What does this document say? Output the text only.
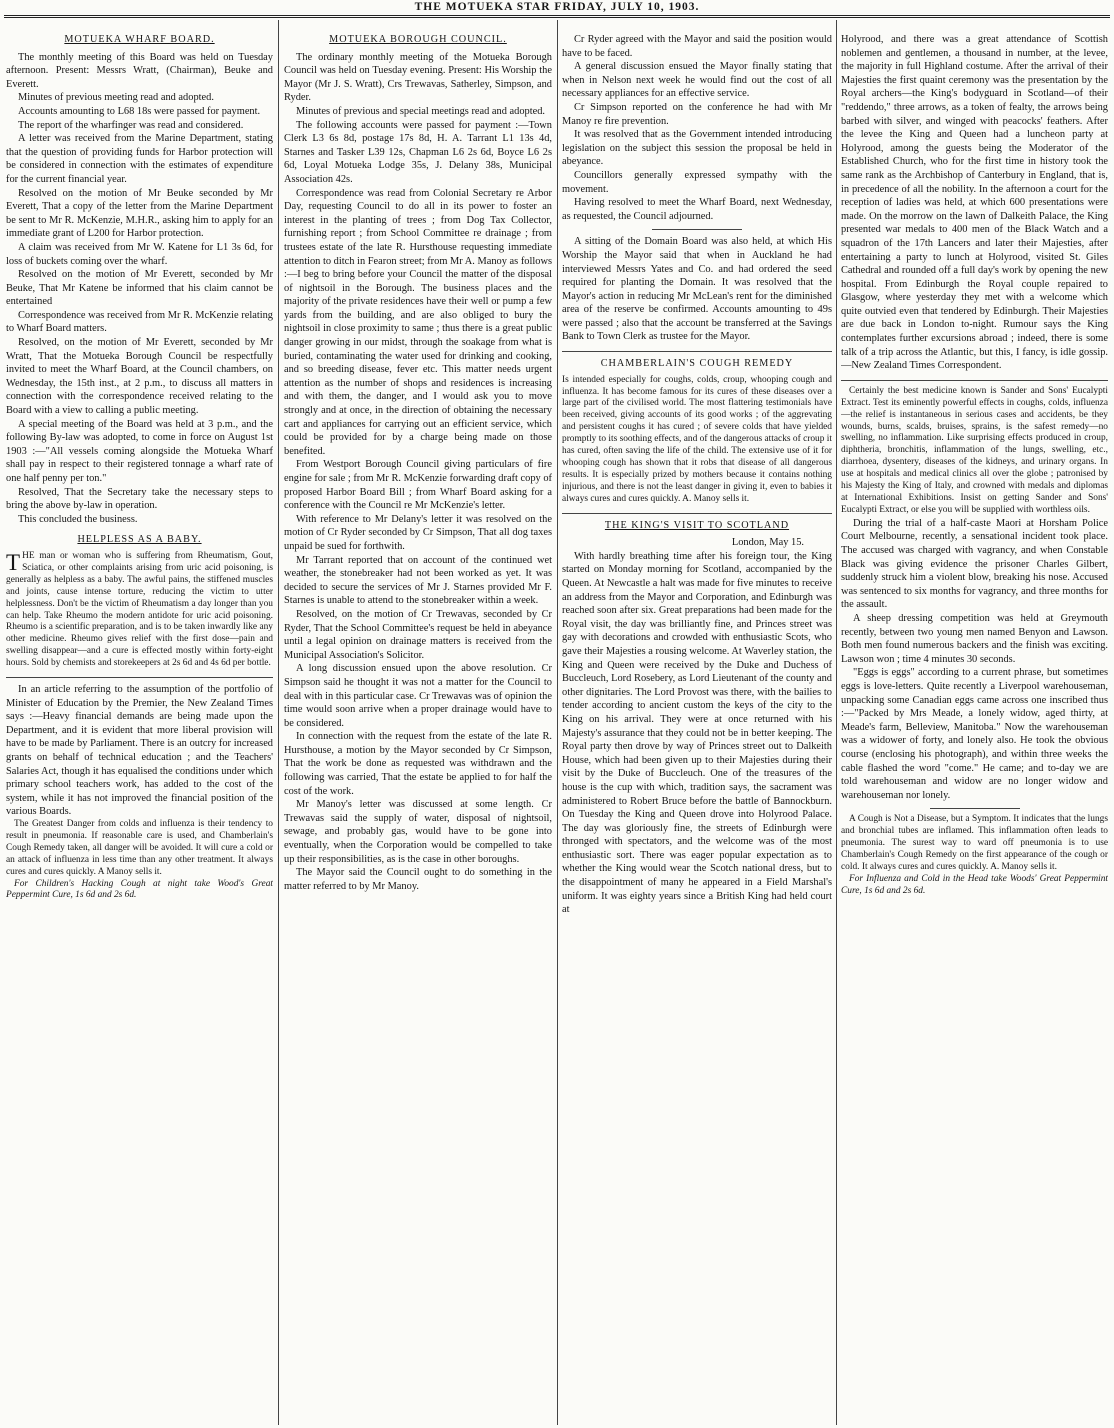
THE MOTUEKA STAR FRIDAY, JULY 10, 1903.
MOTUEKA WHARF BOARD.

The monthly meeting of this Board was held on Tuesday afternoon. Present: Messrs Wratt, (Chairman), Beuke and Everett.

Minutes of previous meeting read and adopted.

Accounts amounting to L68 18s were passed for payment.

The report of the wharfinger was read and considered.

A letter was received from the Marine Department, stating that the question of providing funds for Harbor protection will be considered in connection with the estimates of expenditure for the current financial year.

Resolved on the motion of Mr Beuke seconded by Mr Everett, That a copy of the letter from the Marine Department be sent to Mr R. McKenzie, M.H.R., asking him to apply for an immediate grant of L200 for Harbor protection.

A claim was received from Mr W. Katene for L1 3s 6d, for loss of buckets coming over the wharf.

Resolved on the motion of Mr Everett, seconded by Mr Beuke, That Mr Katene be informed that his claim cannot be entertained

Correspondence was received from Mr R. McKenzie relating to Wharf Board matters.

Resolved, on the motion of Mr Everett, seconded by Mr Wratt, That the Motueka Borough Council be respectfully invited to meet the Wharf Board, at the Council chambers, on Wednesday, the 15th inst., at 2 p.m., to discuss all matters in connection with the correspondence received relating to the Board with a view to calling a public meeting.

A special meeting of the Board was held at 3 p.m., and the following By-law was adopted, to come in force on August 1st 1903 :—"All vessels coming alongside the Motueka Wharf shall pay in respect to their registered tonnage a wharf rate of one half penny per ton."

Resolved, That the Secretary take the necessary steps to bring the above by-law in operation.

This concluded the business.

HELPLESS AS A BABY.

THE man or woman who is suffering from Rheumatism, Gout, Sciatica, or other complaints arising from uric acid poisoning, is generally as helpless as a baby. The awful pains, the stiffened muscles and joints, cause intense torture, reducing the victim to utter helplessness. Don't be the victim of Rheumatism a day longer than you can help. Take Rheumo the modern antidote for uric acid poisoning. Rheumo is a scientific preparation, and is to be taken inwardly like any other medicine. Rheumo gives relief with the first dose—pain and swelling disappear—and a cure is effected mostly within forty-eight hours. Sold by chemists and storekeepers at 2s 6d and 4s 6d per bottle.

In an article referring to the assumption of the portfolio of Minister of Education by the Premier, the New Zealand Times says :—Heavy financial demands are being made upon the Department, and it is evident that more liberal provision will have to be made by Parliament. There is an outcry for increased grants on behalf of technical education ; and the Teachers' Salaries Act, though it has equalised the conditions under which primary school teachers work, has added to the cost of the system, while it has not improved the financial position of the various Boards.

The Greatest Danger from colds and influenza is their tendency to result in pneumonia. If reasonable care is used, and Chamberlain's Cough Remedy taken, all danger will be avoided. It will cure a cold or an attack of influenza in less time than any other treatment. It always cures and cures quickly. A Manoy sells it.

For Children's Hacking Cough at night take Wood's Great Peppermint Cure, 1s 6d and 2s 6d.

MOTUEKA BOROUGH COUNCIL.

The ordinary monthly meeting of the Motueka Borough Council was held on Tuesday evening. Present: His Worship the Mayor (Mr J. S. Wratt), Crs Trewavas, Satherley, Simpson, and Ryder.

Minutes of previous and special meetings read and adopted.

The following accounts were passed for payment :—Town Clerk L3 6s 8d, postage 17s 8d, H. A. Tarrant L1 13s 4d, Starnes and Tasker L39 12s, Chapman L6 2s 6d, Boyce L6 2s 6d, Loyal Motueka Lodge 35s, J. Delany 38s, Municipal Association 42s.

Correspondence was read from Colonial Secretary re Arbor Day, requesting Council to do all in its power to foster an interest in the planting of trees ; from Dog Tax Collector, furnishing report ; from School Committee re drainage ; from trustees estate of the late R. Hursthouse requesting immediate attention to ditch in Fearon street; from Mr A. Manoy as follows :—I beg to bring before your Council the matter of the disposal of nightsoil in the Borough. The business places and the majority of the private residences have their well or pump a few yards from the building, and are also obliged to bury the nightsoil in close proximity to same ; thus there is a great public danger growing in our midst, through the soakage from what is buried, contaminating the water used for drinking and cooking, and so breeding disease, fever etc. This matter needs urgent attention as the number of shops and residences is increasing and with them, the danger, and I would ask you to move strongly and at once, in the direction of obtaining the necessary cart and appliances for carrying out an efficient service, which could be provided for by a charge being made on those benefited.

From Westport Borough Council giving particulars of fire engine for sale ; from Mr R. McKenzie forwarding draft copy of proposed Harbor Board Bill ; from Wharf Board asking for a conference with the Council re Mr McKenzie's letter.

With reference to Mr Delany's letter it was resolved on the motion of Cr Ryder seconded by Cr Simpson, That all dog taxes unpaid be sued for forthwith.

Mr Tarrant reported that on account of the continued wet weather, the stonebreaker had not been worked as yet. It was decided to secure the services of Mr J. Starnes provided Mr F. Starnes is unable to attend to the stonebreaker within a week.

Resolved, on the motion of Cr Trewavas, seconded by Cr Ryder, That the School Committee's request be held in abeyance until a legal opinion on drainage matters is received from the Municipal Association's Solicitor.

A long discussion ensued upon the above resolution. Cr Simpson said he thought it was not a matter for the Council to deal with in this particular case. Cr Trewavas was of opinion the time would soon arrive when a proper drainage would have to be considered.

In connection with the request from the estate of the late R. Hursthouse, a motion by the Mayor seconded by Cr Simpson, That the work be done as requested was withdrawn and the following was carried, That the estate be applied to for half the cost of the work.

Mr Manoy's letter was discussed at some length. Cr Trewavas said the supply of water, disposal of nightsoil, sewage, and probably gas, would have to be gone into eventually, when the Corporation would be compelled to take up their responsibilities, as is the case in other boroughs.

The Mayor said the Council ought to do something in the matter referred to by Mr Manoy.

Cr Ryder agreed with the Mayor and said the position would have to be faced.

A general discussion ensued the Mayor finally stating that when in Nelson next week he would find out the cost of all necessary appliances for an effective service.

Cr Simpson reported on the conference he had with Mr Manoy re fire prevention.

It was resolved that as the Government intended introducing legislation on the subject this session the proposal be held in abeyance.

Councillors generally expressed sympathy with the movement.

Having resolved to meet the Wharf Board, next Wednesday, as requested, the Council adjourned.

A sitting of the Domain Board was also held, at which His Worship the Mayor said that when in Auckland he had interviewed Messrs Yates and Co. and had ordered the seed required for planting the Domain. It was resolved that the Mayor's action in reducing Mr McLean's rent for the diminished area of the reserve be confirmed. Accounts amounting to 49s were passed ; also that the account be transferred at the Savings Bank to Town Clerk as trustee for the Mayor.

CHAMBERLAIN'S COUGH REMEDY

Is intended especially for coughs, colds, croup, whooping cough and influenza. It has become famous for its cures of these diseases over a large part of the civilised world. The most flattering testimonials have been received, giving accounts of its good works ; of the aggrevating and persistent coughs it has cured ; of severe colds that have yielded promptly to its soothing effects, and of the dangerous attacks of croup it has cured, often saving the life of the child. The extensive use of it for whooping cough has shown that it robs that disease of all dangerous results. It is especially prized by mothers because it contains nothing injurious, and there is not the least danger in giving it, even to babies it always cures and cures quickly. A. Manoy sells it.

THE KING'S VISIT TO SCOTLAND

London, May 15.

With hardly breathing time after his foreign tour, the King started on Monday morning for Scotland, accompanied by the Queen. At Newcastle a halt was made for five minutes to receive an address from the Mayor and Corporation, and Edinburgh was reached soon after six. Great preparations had been made for the Royal visit, the day was brilliantly fine, and Princes street was gay with decorations and crowded with enthusiastic Scots, who gave their Majesties a rousing welcome. At Waverley station, the King and Queen were received by the Duke and Duchess of Buccleuch, Lord Rosebery, as Lord Lieutenant of the county and other dignitaries. The Lord Provost was there, with the bailies to tender according to ancient custom the keys of the city to the King on his arrival. They were at once returned with his Majesty's assurance that they could not be in better keeping. The Royal party then drove by way of Princes street out to Dalkeith House, which had been given up to their Majesties during their visit by the Duke of Buccleuch. One of the treasures of the house is the cup with which, tradition says, the sacrament was administered to Robert Bruce before the battle of Bannockburn. On Tuesday the King and Queen drove into Holyrood Palace. The day was gloriously fine, the streets of Edinburgh were thronged with spectators, and the welcome was of the most enthusiastic sort. There was eager popular expectation as to whether the King would wear the Scotch national dress, but to the disappointment of many he appeared in a Field Marshal's uniform. It was eighty years since a British King had held court at

Holyrood, and there was a great attendance of Scottish noblemen and gentlemen, a thousand in number, at the levee, the majority in full Highland costume. After the arrival of their Majesties the first quaint ceremony was the presentation by the Royal archers—the King's bodyguard in Scotland—of their "reddendo," three arrows, as a token of fealty, the arrows being barbed with silver, and winged with peacocks' feathers. After the levee the King and Queen had a luncheon party at Holyrood, among the guests being the Moderator of the Established Church, who for the first time in history took the same rank as the Archbishop of Canterbury in England, that is, in precedence of all the nobility. In the afternoon a court for the reception of ladies was held, at which 600 presentations were made. On the morrow on the lawn of Dalkeith Palace, the King presented war medals to 400 men of the Black Watch and a squadron of the 17th Lancers and later their Majesties, after entertaining a party to lunch at Holyrood, visited St. Giles Cathedral and rounded off a full day's work by opening the new hospital. From Edinburgh the Royal couple repaired to Glasgow, where yesterday they met with a welcome which quite outvied even that tendered by Edinburgh. Their Majesties are due back in London to-night. Rumour says the King contemplates further excursions abroad ; indeed, there is some talk of a trip across the Atlantic, but this, I fancy, is idle gossip.—New Zealand Times Correspondent.

Certainly the best medicine known is Sander and Sons' Eucalypti Extract. Test its eminently powerful effects in coughs, colds, influenza—the relief is instantaneous in serious cases and accidents, be they wounds, burns, scalds, bruises, sprains, is the safest remedy—no swelling, no inflammation. Like surprising effects produced in croup, diphtheria, bronchitis, inflammation of the lungs, swelling, etc., diarrhoea, dysentery, diseases of the kidneys, and urinary organs. In use at hospitals and medical clinics all over the globe ; patronised by his Majesty the King of Italy, and crowned with medals and diplomas at International Exhibitions. Insist on getting Sander and Sons' Eucalypti Extract, or else you will be supplied with worthless oils.

During the trial of a half-caste Maori at Horsham Police Court Melbourne, recently, a sensational incident took place. The accused was charged with vagrancy, and when Constable Black was giving evidence the prisoner Charles Gilbert, suddenly struck him a violent blow, breaking his nose. Accused was sentenced to six months for vagrancy, and three months for the assault.

A sheep dressing competition was held at Greymouth recently, between two young men named Benyon and Lawson. Both men found numerous backers and the finish was exciting. Lawson won ; time 4 minutes 30 seconds.

"Eggs is eggs" according to a current phrase, but sometimes eggs is love-letters. Quite recently a Liverpool warehouseman, unpacking some Canadian eggs came across one inscribed thus :—"Packed by Mrs Meade, a lonely widow, aged thirty, at Meade's farm, Belleview, Manitoba." Now the warehouseman was a widower of forty, and lonely also. He took the obvious course (enclosing his photograph), and within three weeks the cable flashed the word "come." He came; and to-day we are told warehouseman and widow are no longer widow and warehouseman nor lonely.

A Cough is Not a Disease, but a Symptom. It indicates that the lungs and bronchial tubes are inflamed. This inflammation often leads to pneumonia. The surest way to ward off pneumonia is to use Chamberlain's Cough Remedy on the first appearance of the cough or cold. It always cures and cures quickly. A. Manoy sells it.

For Influenza and Cold in the Head take Woods' Great Peppermint Cure, 1s 6d and 2s 6d.
